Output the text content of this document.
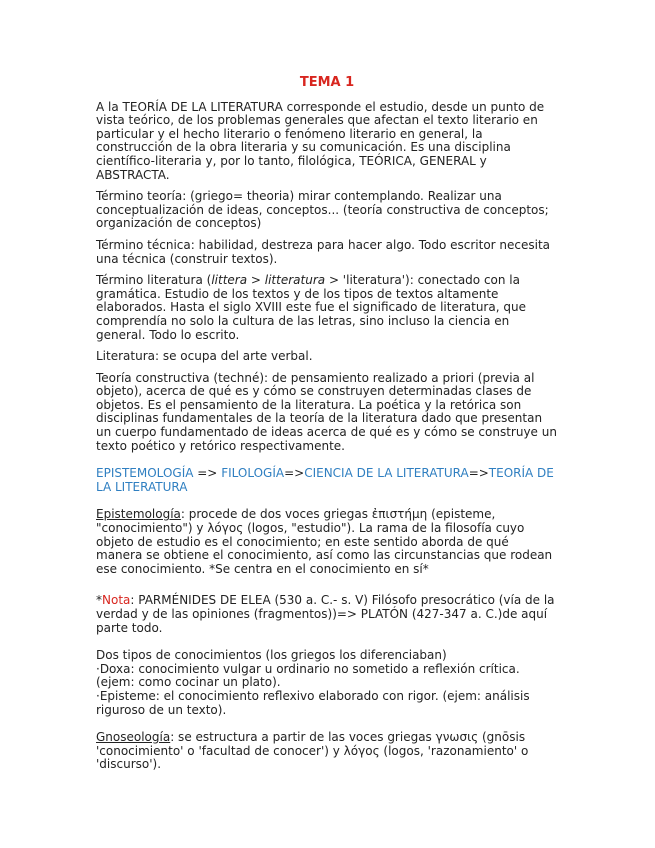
TEMA 1

A la TEORÍA DE LA LITERATURA corresponde el estudio, desde un punto de vista teórico, de los problemas generales que afectan el texto literario en particular y el hecho literario o fenómeno literario en general, la construcción de la obra literaria y su comunicación. Es una disciplina científico-literaria y, por lo tanto, filológica, TEÓRICA, GENERAL y ABSTRACTA.

Término teoría: (griego= theoria) mirar contemplando. Realizar una conceptualización de ideas, conceptos... (teoría constructiva de conceptos; organización de conceptos)

Término técnica: habilidad, destreza para hacer algo. Todo escritor necesita una técnica (construir textos).

Término literatura (littera > litteratura > 'literatura'): conectado con la gramática. Estudio de los textos y de los tipos de textos altamente elaborados. Hasta el siglo XVIII este fue el significado de literatura, que comprendía no solo la cultura de las letras, sino incluso la ciencia en general. Todo lo escrito.

Literatura: se ocupa del arte verbal.

Teoría constructiva (techné): de pensamiento realizado a priori (previa al objeto), acerca de qué es y cómo se construyen determinadas clases de objetos. Es el pensamiento de la literatura. La poética y la retórica son disciplinas fundamentales de la teoría de la literatura dado que presentan un cuerpo fundamentado de ideas acerca de qué es y cómo se construye un texto poético y retórico respectivamente.

EPISTEMOLOGÍA => FILOLOGÍA=>CIENCIA DE LA LITERATURA=>TEORÍA DE LA LITERATURA

Epistemología: procede de dos voces griegas ἐπιστήμη (episteme, "conocimiento") y λόγος (logos, "estudio"). La rama de la filosofía cuyo objeto de estudio es el conocimiento; en este sentido aborda de qué manera se obtiene el conocimiento, así como las circunstancias que rodean ese conocimiento. *Se centra en el conocimiento en sí*

*Nota: PARMÉNIDES DE ELEA (530 a. C.- s. V) Filósofo presocrático (vía de la verdad y de las opiniones (fragmentos))=> PLATÓN (427-347 a. C.)de aquí parte todo.

Dos tipos de conocimientos (los griegos los diferenciaban)
·Doxa: conocimiento vulgar u ordinario no sometido a reflexión crítica. (ejem: como cocinar un plato).
·Episteme: el conocimiento reflexivo elaborado con rigor. (ejem: análisis riguroso de un texto).

Gnoseología: se estructura a partir de las voces griegas γνωσις (gnōsis 'conocimiento' o 'facultad de conocer') y λόγος (logos, 'razonamiento' o 'discurso').
